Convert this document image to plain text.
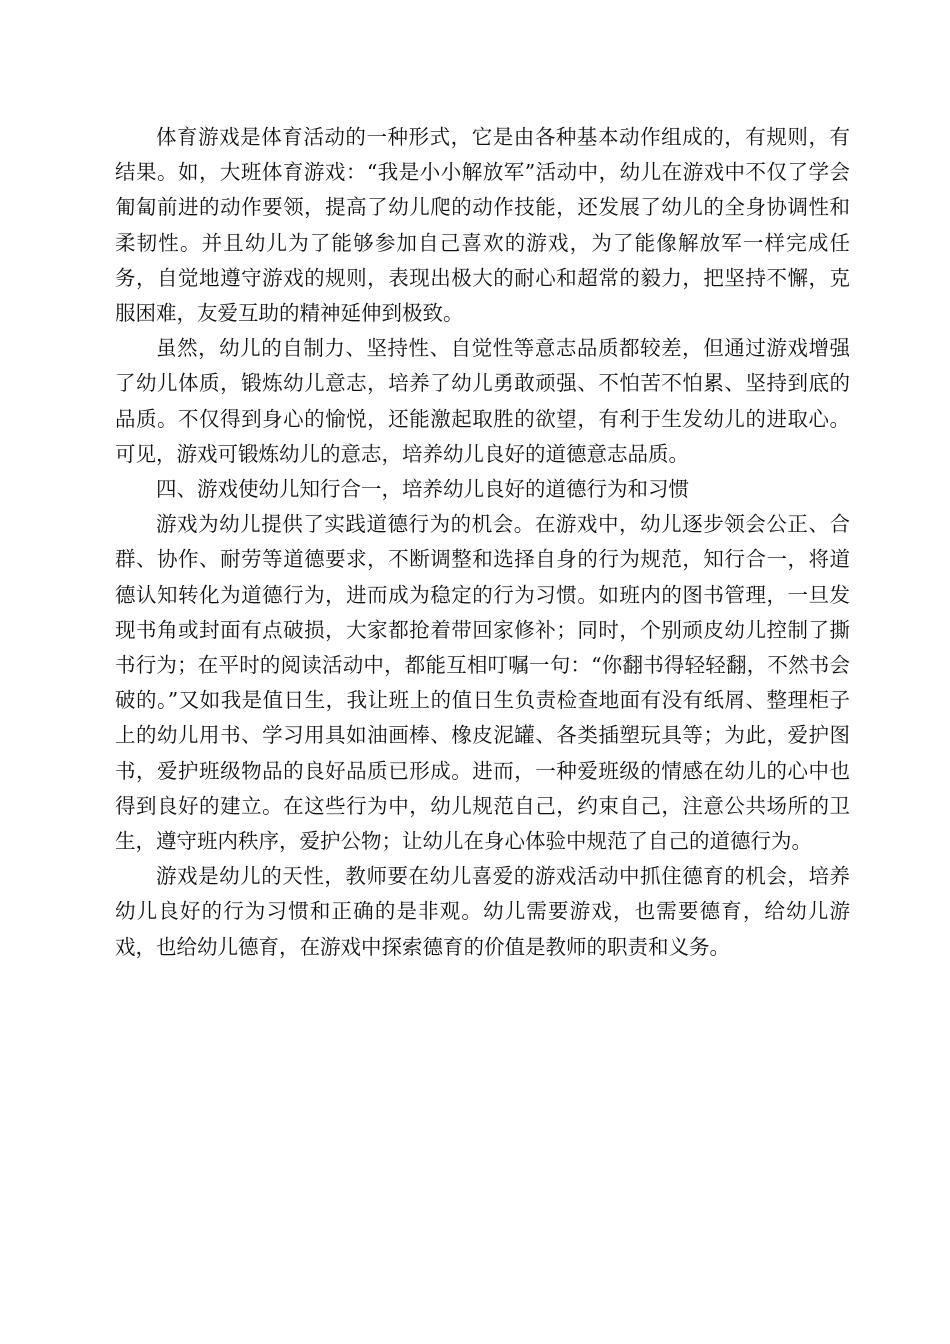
体育游戏是体育活动的一种形式，它是由各种基本动作组成的，有规则，有结果。如，大班体育游戏：“我是小小解放军”活动中，幼儿在游戏中不仅了学会匍匐前进的动作要领，提高了幼儿爬的动作技能，还发展了幼儿的全身协调性和柔韧性。并且幼儿为了能够参加自己喜欢的游戏，为了能像解放军一样完成任务，自觉地遵守游戏的规则，表现出极大的耐心和超常的毅力，把坚持不懈，克服困难，友爱互助的精神延伸到极致。

虽然，幼儿的自制力、坚持性、自觉性等意志品质都较差，但通过游戏增强了幼儿体质，锻炼幼儿意志，培养了幼儿勇敢顽强、不怕苦不怕累、坚持到底的品质。不仅得到身心的愉悦，还能激起取胜的欲望，有利于生发幼儿的进取心。可见，游戏可锻炼幼儿的意志，培养幼儿良好的道德意志品质。

四、游戏使幼儿知行合一，培养幼儿良好的道德行为和习惯

游戏为幼儿提供了实践道德行为的机会。在游戏中，幼儿逐步领会公正、合群、协作、耐劳等道德要求，不断调整和选择自身的行为规范，知行合一，将道德认知转化为道德行为，进而成为稳定的行为习惯。如班内的图书管理，一旦发现书角或封面有点破损，大家都抢着带回家修补；同时，个别顽皮幼儿控制了撕书行为；在平时的阅读活动中，都能互相叮嘱一句：“你翻书得轻轻翻，不然书会破的。”又如我是值日生，我让班上的值日生负责检查地面有没有纸屑、整理柜子上的幼儿用书、学习用具如油画棒、橡皮泥罐、各类插塑玩具等；为此，爱护图书，爱护班级物品的良好品质已形成。进而，一种爱班级的情感在幼儿的心中也得到良好的建立。在这些行为中，幼儿规范自己，约束自己，注意公共场所的卫生，遵守班内秩序，爱护公物；让幼儿在身心体验中规范了自己的道德行为。

游戏是幼儿的天性，教师要在幼儿喜爱的游戏活动中抓住德育的机会，培养幼儿良好的行为习惯和正确的是非观。幼儿需要游戏，也需要德育，给幼儿游戏，也给幼儿德育，在游戏中探索德育的价值是教师的职责和义务。
